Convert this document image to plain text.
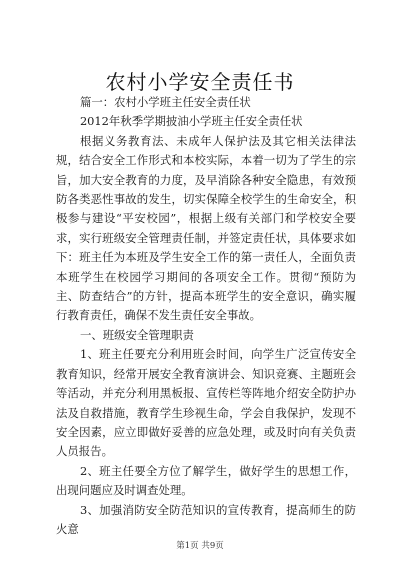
农村小学安全责任书

篇一：农村小学班主任安全责任状

2012年秋季学期披油小学班主任安全责任状

根据义务教育法、未成年人保护法及其它相关法律法规，结合安全工作形式和本校实际，本着一切为了学生的宗旨，加大安全教育的力度，及早消除各种安全隐患，有效预防各类恶性事故的发生，切实保障全校学生的生命安全，积极参与建设“平安校园”，根据上级有关部门和学校安全要求，实行班级安全管理责任制，并签定责任状，具体要求如下：班主任为本班及学生安全工作的第一责任人，全面负责本班学生在校园学习期间的各项安全工作。贯彻“预防为主、防查结合”的方针，提高本班学生的安全意识，确实履行教育责任，确保不发生责任安全事故。

一、班级安全管理职责

1、班主任要充分利用班会时间，向学生广泛宣传安全教育知识，经常开展安全教育演讲会、知识竞赛、主题班会等活动，并充分利用黑板报、宣传栏等阵地介绍安全防护办法及自救措施，教育学生珍视生命，学会自我保护，发现不安全因素，应立即做好妥善的应急处理，或及时向有关负责人员报告。

2、班主任要全方位了解学生，做好学生的思想工作，出现问题应及时调查处理。

3、加强消防安全防范知识的宣传教育，提高师生的防火意

第1页 共9页
